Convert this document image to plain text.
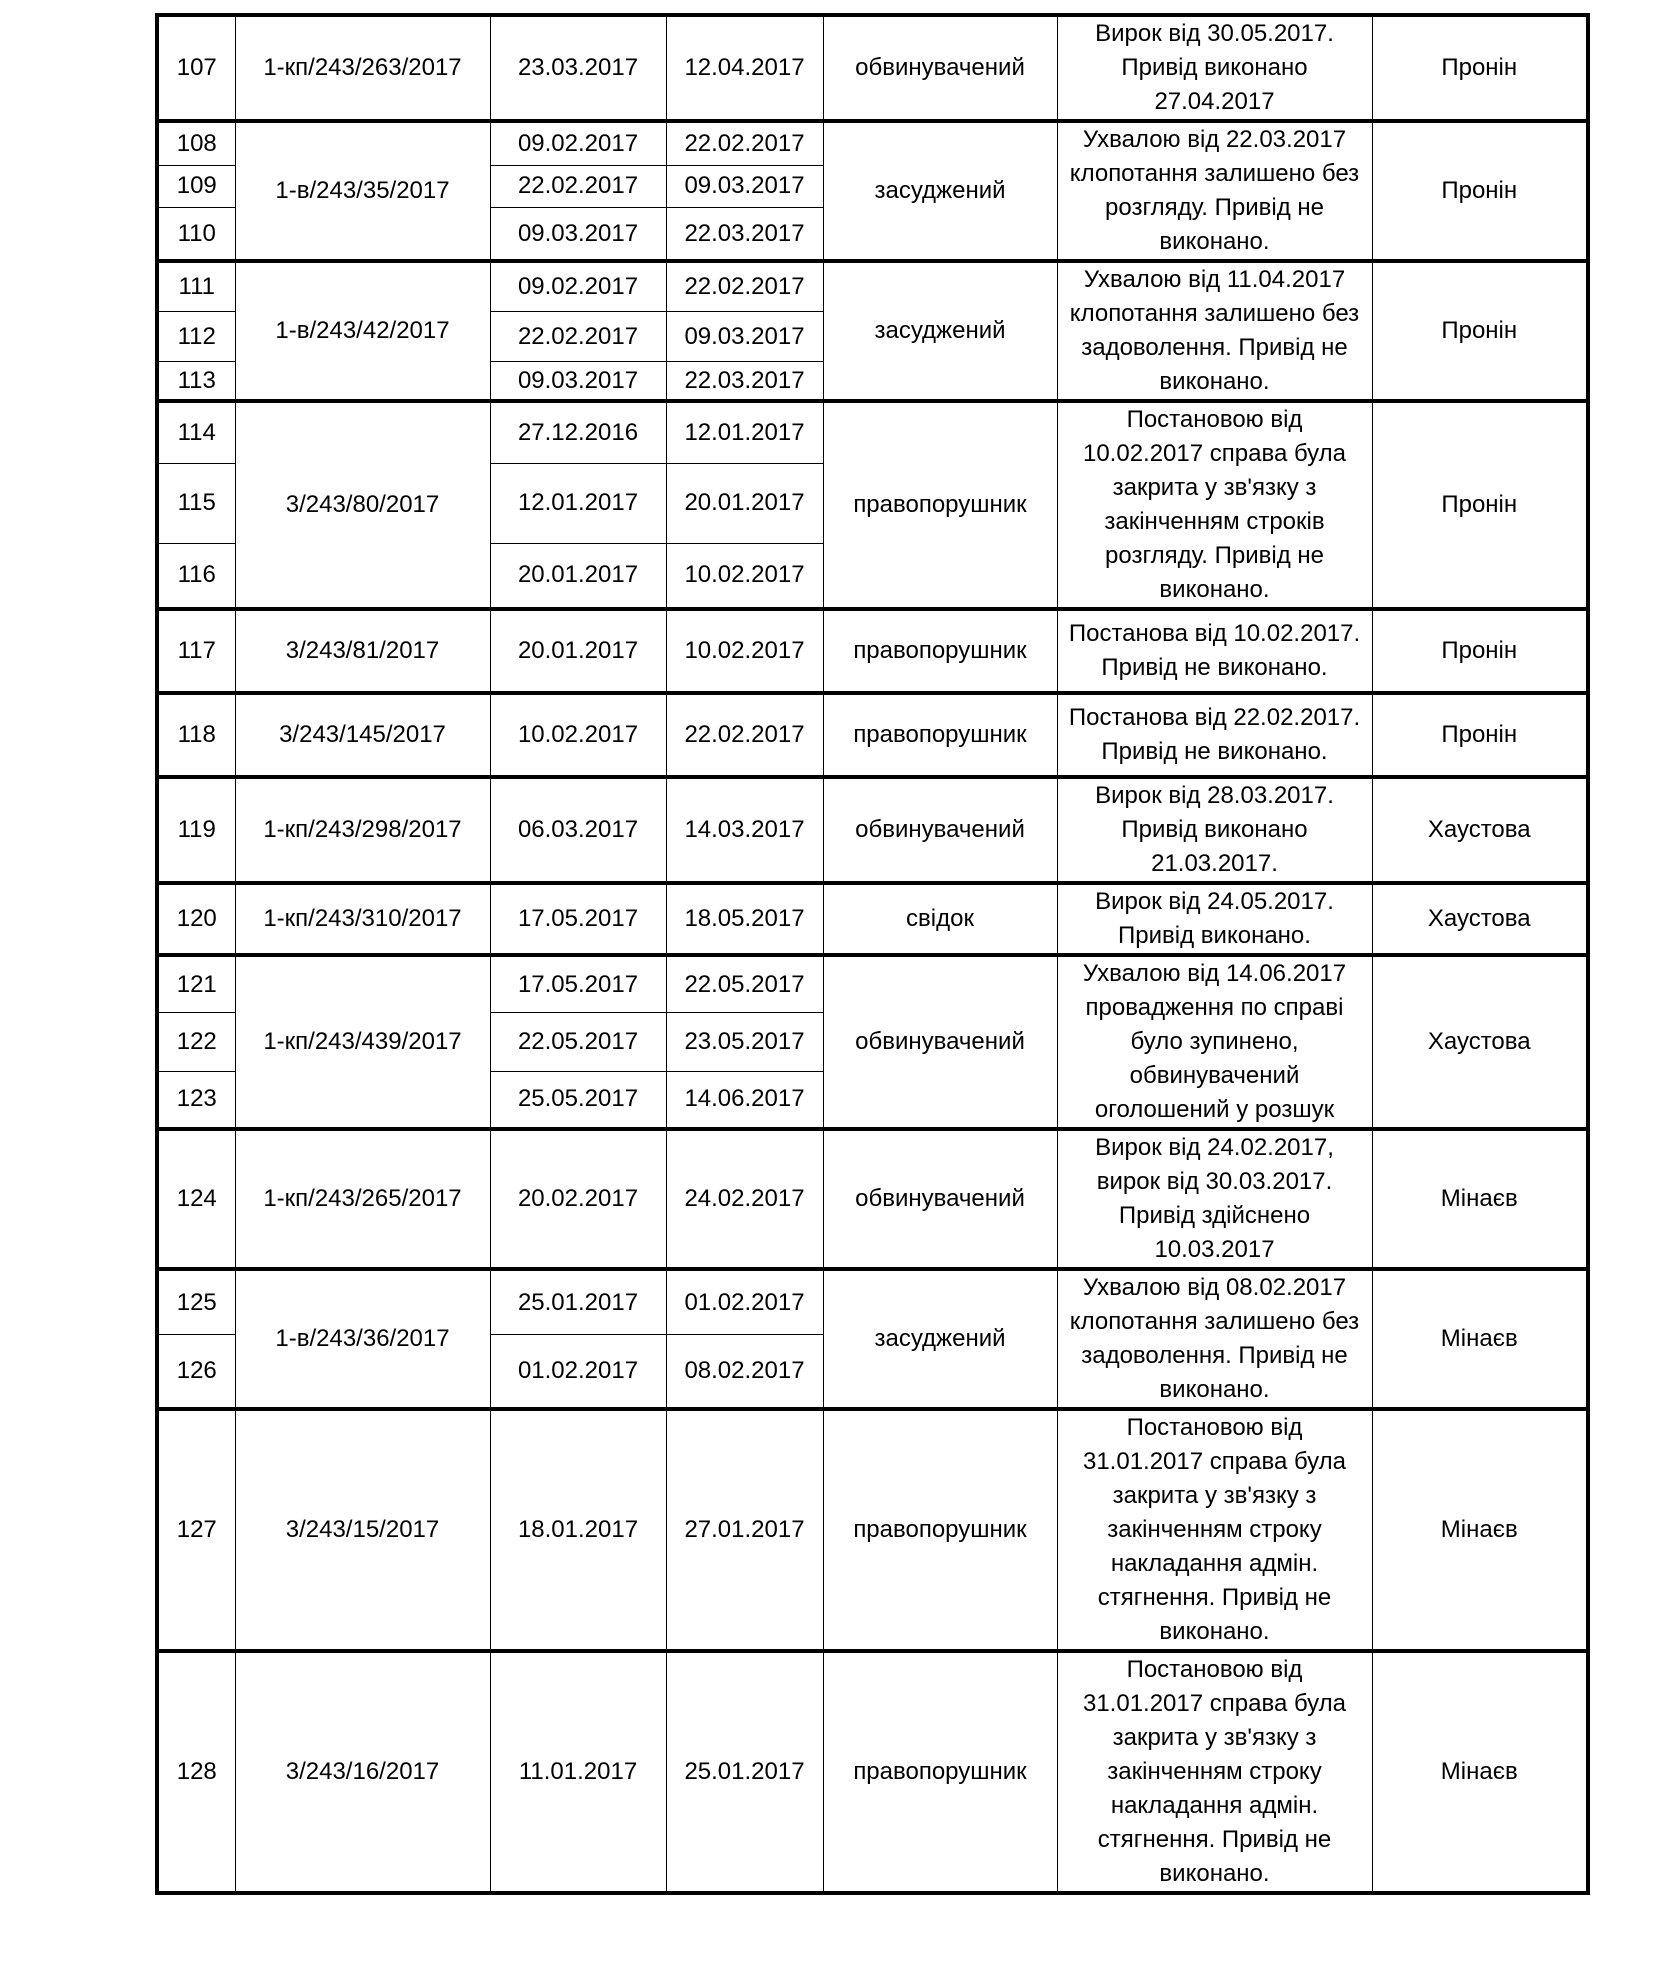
107	1-кп/243/263/2017	23.03.2017	12.04.2017	обвинувачений	Вирок від 30.05.2017. Привід виконано 27.04.2017	Пронін
108	1-в/243/35/2017	09.02.2017	22.02.2017	засуджений	Ухвалою від 22.03.2017 клопотання залишено без розгляду. Привід не виконано.	Пронін
109		22.02.2017	09.03.2017			
110		09.03.2017	22.03.2017			
111	1-в/243/42/2017	09.02.2017	22.02.2017	засуджений	Ухвалою від 11.04.2017 клопотання залишено без задоволення. Привід не виконано.	Пронін
112		22.02.2017	09.03.2017			
113		09.03.2017	22.03.2017			
114	3/243/80/2017	27.12.2016	12.01.2017	правопорушник	Постановою від 10.02.2017 справа була закрита у зв'язку з закінченням строків розгляду. Привід не виконано.	Пронін
115		12.01.2017	20.01.2017			
116		20.01.2017	10.02.2017			
117	3/243/81/2017	20.01.2017	10.02.2017	правопорушник	Постанова від 10.02.2017. Привід не виконано.	Пронін
118	3/243/145/2017	10.02.2017	22.02.2017	правопорушник	Постанова від 22.02.2017. Привід не виконано.	Пронін
119	1-кп/243/298/2017	06.03.2017	14.03.2017	обвинувачений	Вирок від 28.03.2017. Привід виконано 21.03.2017.	Хаустова
120	1-кп/243/310/2017	17.05.2017	18.05.2017	свідок	Вирок від 24.05.2017. Привід виконано.	Хаустова
121	1-кп/243/439/2017	17.05.2017	22.05.2017	обвинувачений	Ухвалою від 14.06.2017 провадження по справі було зупинено, обвинувачений оголошений у розшук	Хаустова
122		22.05.2017	23.05.2017			
123		25.05.2017	14.06.2017			
124	1-кп/243/265/2017	20.02.2017	24.02.2017	обвинувачений	Вирок від 24.02.2017, вирок від 30.03.2017. Привід здійснено 10.03.2017	Мінаєв
125	1-в/243/36/2017	25.01.2017	01.02.2017	засуджений	Ухвалою від 08.02.2017 клопотання залишено без задоволення. Привід не виконано.	Мінаєв
126		01.02.2017	08.02.2017			
127	3/243/15/2017	18.01.2017	27.01.2017	правопорушник	Постановою від 31.01.2017 справа була закрита у зв'язку з закінченням строку накладання адмін. стягнення. Привід не виконано.	Мінаєв
128	3/243/16/2017	11.01.2017	25.01.2017	правопорушник	Постановою від 31.01.2017 справа була закрита у зв'язку з закінченням строку накладання адмін. стягнення. Привід не виконано.	Мінаєв
